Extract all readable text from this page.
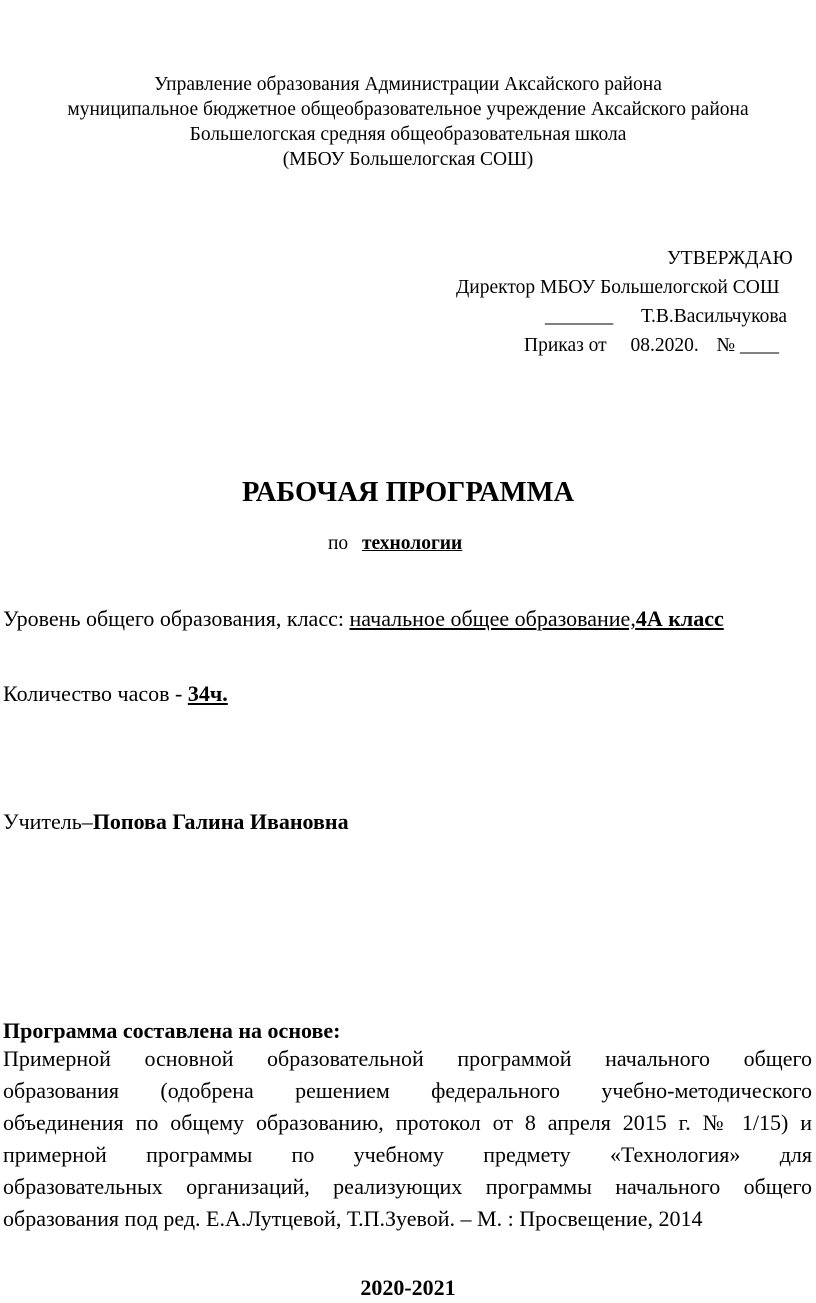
Управление образования Администрации Аксайского района
муниципальное бюджетное общеобразовательное учреждение Аксайского района
Большелогская средняя общеобразовательная школа
(МБОУ Большелогская СОШ)
УТВЕРЖДАЮ
Директор МБОУ Большелогской СОШ
_______ Т.В.Васильчукова
Приказ от 08.2020. № ____
РАБОЧАЯ ПРОГРАММА
по технологии
Уровень общего образования, класс: начальное общее образование,4А класс
Количество часов - 34ч.
Учитель–Попова Галина Ивановна
Программа составлена на основе:
Примерной основной образовательной программой начального общего
образования (одобрена решением федерального учебно-методического
объединения по общему образованию, протокол от 8 апреля 2015 г. № 1/15) и
примерной программы по учебному предмету «Технология» для
образовательных организаций, реализующих программы начального общего
образования под ред. Е.А.Лутцевой, Т.П.Зуевой. – М. : Просвещение, 2014
2020-2021
